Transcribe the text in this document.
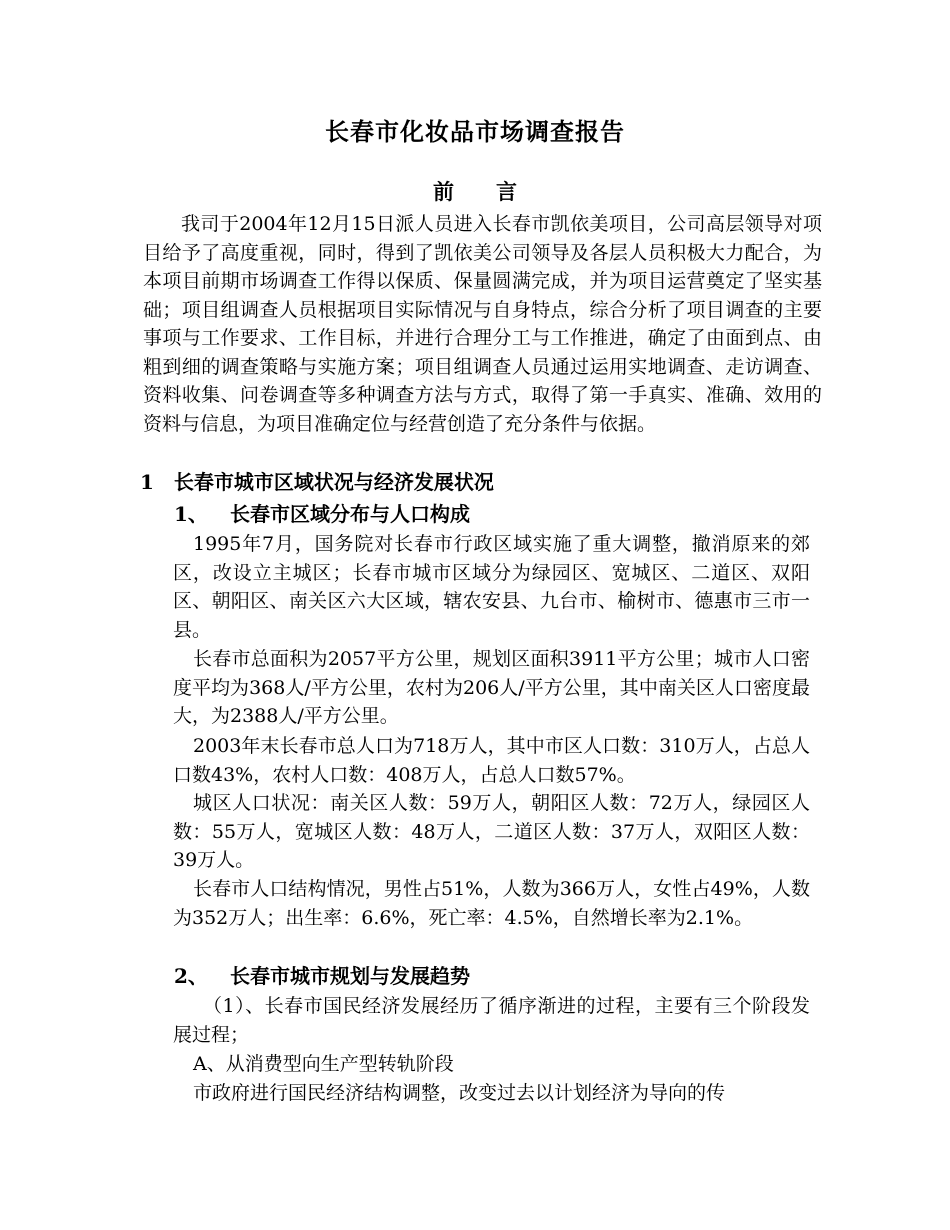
长春市化妆品市场调查报告
前　　言

我司于2004年12月15日派人员进入长春市凯依美项目，公司高层领导对项目给予了高度重视，同时，得到了凯依美公司领导及各层人员积极大力配合，为本项目前期市场调查工作得以保质、保量圆满完成，并为项目运营奠定了坚实基础；项目组调查人员根据项目实际情况与自身特点，综合分析了项目调查的主要事项与工作要求、工作目标，并进行合理分工与工作推进，确定了由面到点、由粗到细的调查策略与实施方案；项目组调查人员通过运用实地调查、走访调查、资料收集、问卷调查等多种调查方法与方式，取得了第一手真实、准确、效用的资料与信息，为项目准确定位与经营创造了充分条件与依据。

1　长春市城市区域状况与经济发展状况

1、 长春市区域分布与人口构成

1995年7月，国务院对长春市行政区域实施了重大调整，撤消原来的郊区，改设立主城区；长春市城市区域分为绿园区、宽城区、二道区、双阳区、朝阳区、南关区六大区域，辖农安县、九台市、榆树市、德惠市三市一县。

长春市总面积为2057平方公里，规划区面积3911平方公里；城市人口密度平均为368人/平方公里，农村为206人/平方公里，其中南关区人口密度最大，为2388人/平方公里。

2003年末长春市总人口为718万人，其中市区人口数：310万人，占总人口数43%，农村人口数：408万人，占总人口数57%。

城区人口状况：南关区人数：59万人，朝阳区人数：72万人，绿园区人数：55万人，宽城区人数：48万人，二道区人数：37万人，双阳区人数：39万人。

长春市人口结构情况，男性占51%，人数为366万人，女性占49%，人数为352万人；出生率：6.6%，死亡率：4.5%，自然增长率为2.1%。

2、 长春市城市规划与发展趋势

（1）、长春市国民经济发展经历了循序渐进的过程，主要有三个阶段发展过程；

A、从消费型向生产型转轨阶段

市政府进行国民经济结构调整，改变过去以计划经济为导向的传
